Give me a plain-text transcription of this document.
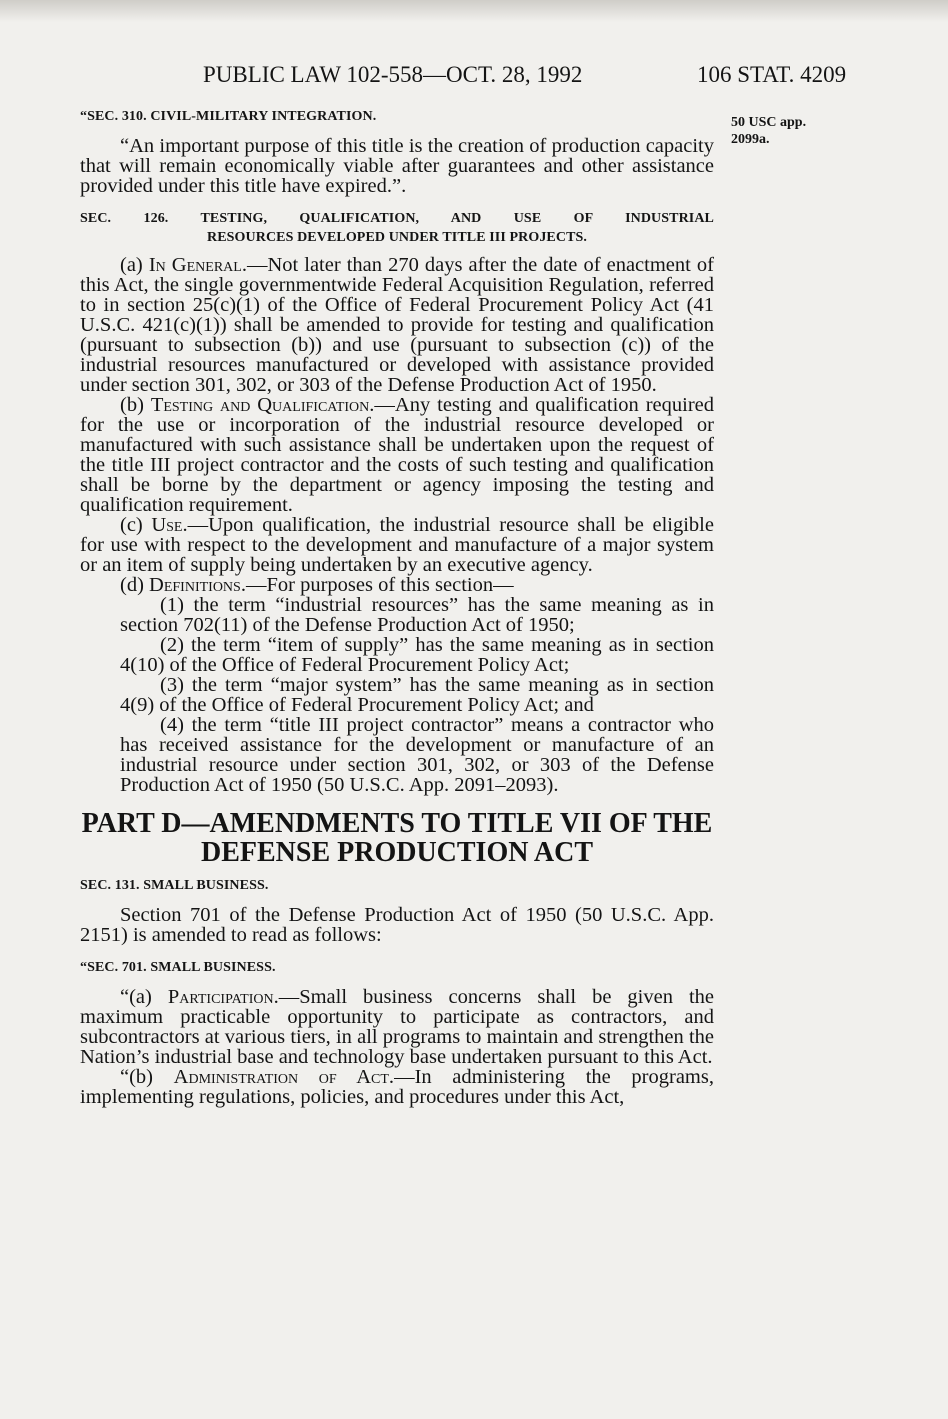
PUBLIC LAW 102-558—OCT. 28, 1992	106 STAT. 4209
50 USC app.
2099a.
“SEC. 310. CIVIL-MILITARY INTEGRATION.

“An important purpose of this title is the creation of production capacity that will remain economically viable after guarantees and other assistance provided under this title have expired.”.

SEC. 126. TESTING, QUALIFICATION, AND USE OF INDUSTRIAL
RESOURCES DEVELOPED UNDER TITLE III PROJECTS.

(a) In General.—Not later than 270 days after the date of enactment of this Act, the single governmentwide Federal Acquisition Regulation, referred to in section 25(c)(1) of the Office of Federal Procurement Policy Act (41 U.S.C. 421(c)(1)) shall be amended to provide for testing and qualification (pursuant to subsection (b)) and use (pursuant to subsection (c)) of the industrial resources manufactured or developed with assistance provided under section 301, 302, or 303 of the Defense Production Act of 1950.

(b) Testing and Qualification.—Any testing and qualification required for the use or incorporation of the industrial resource developed or manufactured with such assistance shall be undertaken upon the request of the title III project contractor and the costs of such testing and qualification shall be borne by the department or agency imposing the testing and qualification requirement.

(c) Use.—Upon qualification, the industrial resource shall be eligible for use with respect to the development and manufacture of a major system or an item of supply being undertaken by an executive agency.

(d) Definitions.—For purposes of this section—

(1) the term “industrial resources” has the same meaning as in section 702(11) of the Defense Production Act of 1950;

(2) the term “item of supply” has the same meaning as in section 4(10) of the Office of Federal Procurement Policy Act;

(3) the term “major system” has the same meaning as in section 4(9) of the Office of Federal Procurement Policy Act; and

(4) the term “title III project contractor” means a contractor who has received assistance for the development or manufacture of an industrial resource under section 301, 302, or 303 of the Defense Production Act of 1950 (50 U.S.C. App. 2091–2093).

PART D—AMENDMENTS TO TITLE VII OF THE

DEFENSE PRODUCTION ACT

SEC. 131. SMALL BUSINESS.

Section 701 of the Defense Production Act of 1950 (50 U.S.C. App. 2151) is amended to read as follows:

“SEC. 701. SMALL BUSINESS.

“(a) Participation.—Small business concerns shall be given the maximum practicable opportunity to participate as contractors, and subcontractors at various tiers, in all programs to maintain and strengthen the Nation’s industrial base and technology base undertaken pursuant to this Act.

“(b) Administration of Act.—In administering the programs, implementing regulations, policies, and procedures under this Act,
